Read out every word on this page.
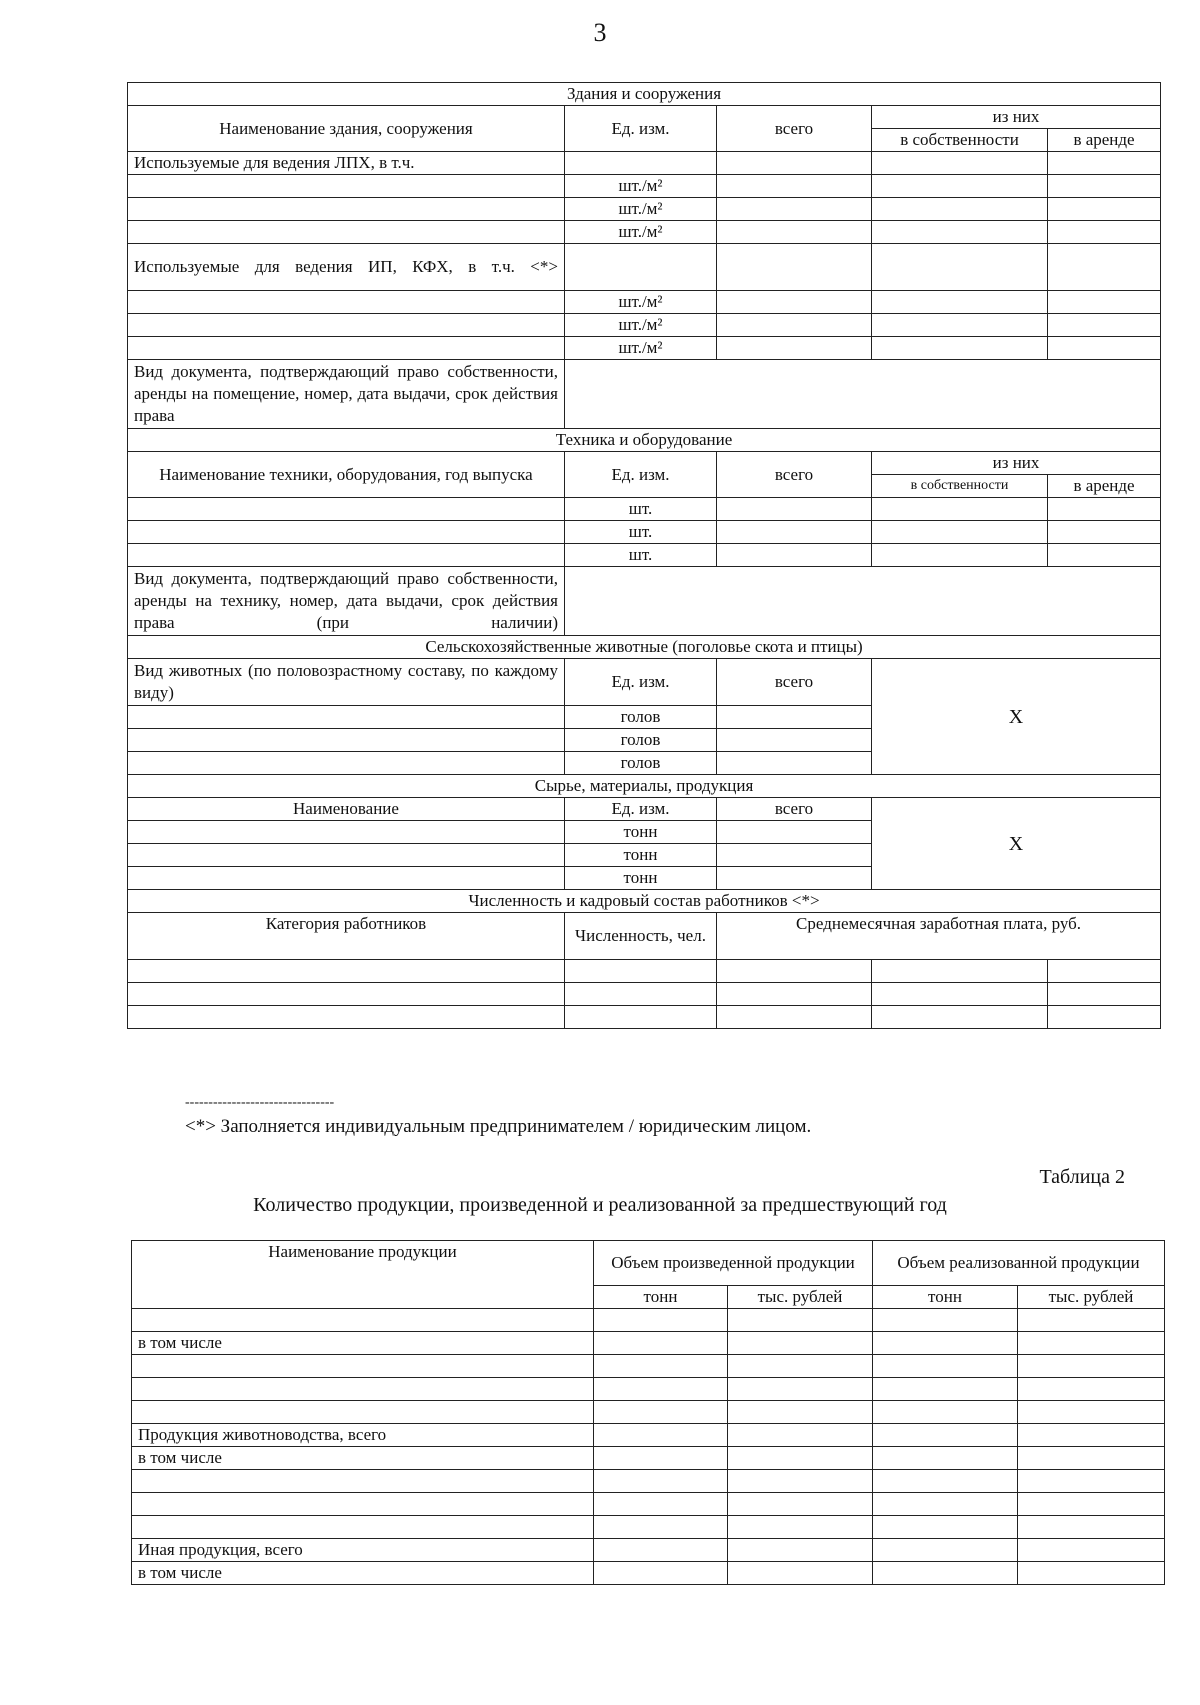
3
Здания и сооружения				
Наименование здания, сооружения	Ед. изм.	всего	из них	
			в собственности	в аренде
Используемые для ведения ЛПХ, в т.ч.				
	шт./м²			
	шт./м²			
	шт./м²			
Используемые для ведения ИП, КФХ, в т.ч. <*>				
	шт./м²			
	шт./м²			
	шт./м²			
Вид документа, подтверждающий право собственности, аренды на помещение, номер, дата выдачи, срок действия права				
Техника и оборудование				
Наименование техники, оборудования, год выпуска	Ед. изм.	всего	из них	
			в собственности	в аренде
	шт.			
	шт.			
	шт.			
Вид документа, подтверждающий право собственности, аренды на технику, номер, дата выдачи, срок действия права (при наличии)				
Сельскохозяйственные животные (поголовье скота и птицы)				
Вид животных (по половозрастному составу, по каждому виду)	Ед. изм.	всего	X	
	голов			
	голов			
	голов			
Сырье, материалы, продукция				
Наименование	Ед. изм.	всего	X	
	тонн			
	тонн			
	тонн			
Численность и кадровый состав работников <*>				
Категория работников	Численность, чел.	Среднемесячная заработная плата, руб.		

--------------------------------
<*> Заполняется индивидуальным предпринимателем / юридическим лицом.
Таблица 2
Количество продукции, произведенной и реализованной за предшествующий год
Наименование продукции	Объем произведенной продукции		Объем реализованной продукции	
	тонн	тыс. рублей	тонн	тыс. рублей

в том числе				

Продукция животноводства, всего				
в том числе				

Иная продукция, всего				
в том числе				
